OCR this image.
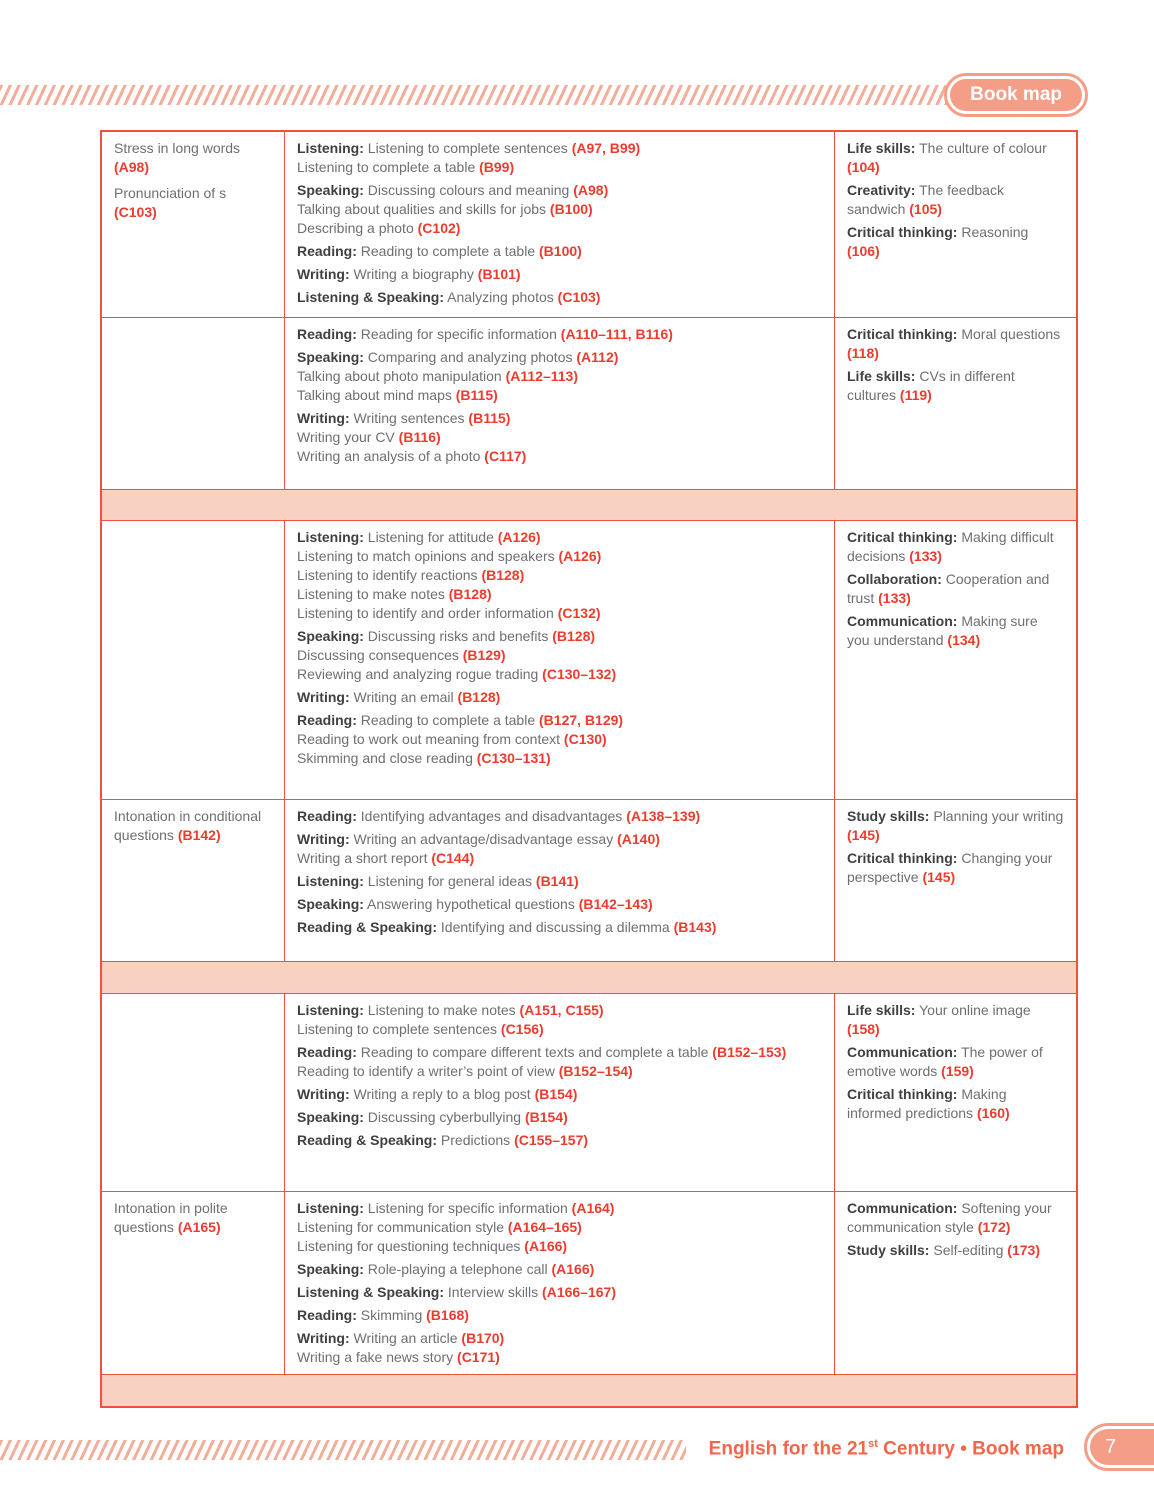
Book map

Stress in long words (A98)

Pronunciation of s (C103)

Listening: Listening to complete sentences (A97, B99)

Listening to complete a table (B99)

Speaking: Discussing colours and meaning (A98)

Talking about qualities and skills for jobs (B100)

Describing a photo (C102)

Reading: Reading to complete a table (B100)

Writing: Writing a biography (B101)

Listening & Speaking: Analyzing photos (C103)

Life skills: The culture of colour (104)

Creativity: The feedback sandwich (105)

Critical thinking: Reasoning (106)

Reading: Reading for specific information (A110–111, B116)

Speaking: Comparing and analyzing photos (A112)

Talking about photo manipulation (A112–113)

Talking about mind maps (B115)

Writing: Writing sentences (B115)

Writing your CV (B116)

Writing an analysis of a photo (C117)

Critical thinking: Moral questions (118)

Life skills: CVs in different cultures (119)

Listening: Listening for attitude (A126)

Listening to match opinions and speakers (A126)

Listening to identify reactions (B128)

Listening to make notes (B128)

Listening to identify and order information (C132)

Speaking: Discussing risks and benefits (B128)

Discussing consequences (B129)

Reviewing and analyzing rogue trading (C130–132)

Writing: Writing an email (B128)

Reading: Reading to complete a table (B127, B129)

Reading to work out meaning from context (C130)

Skimming and close reading (C130–131)

Critical thinking: Making difficult decisions (133)

Collaboration: Cooperation and trust (133)

Communication: Making sure you understand (134)

Intonation in conditional questions (B142)

Reading: Identifying advantages and disadvantages (A138–139)

Writing: Writing an advantage/disadvantage essay (A140)

Writing a short report (C144)

Listening: Listening for general ideas (B141)

Speaking: Answering hypothetical questions (B142–143)

Reading & Speaking: Identifying and discussing a dilemma (B143)

Study skills: Planning your writing (145)

Critical thinking: Changing your perspective (145)

Listening: Listening to make notes (A151, C155)

Listening to complete sentences (C156)

Reading: Reading to compare different texts and complete a table (B152–153)

Reading to identify a writer’s point of view (B152–154)

Writing: Writing a reply to a blog post (B154)

Speaking: Discussing cyberbullying (B154)

Reading & Speaking: Predictions (C155–157)

Life skills: Your online image (158)

Communication: The power of emotive words (159)

Critical thinking: Making informed predictions (160)

Intonation in polite questions (A165)

Listening: Listening for specific information (A164)

Listening for communication style (A164–165)

Listening for questioning techniques (A166)

Speaking: Role-playing a telephone call (A166)

Listening & Speaking: Interview skills (A166–167)

Reading: Skimming (B168)

Writing: Writing an article (B170)

Writing a fake news story (C171)

Communication: Softening your communication style (172)

Study skills: Self-editing (173)

English for the 21st Century • Book map 7
